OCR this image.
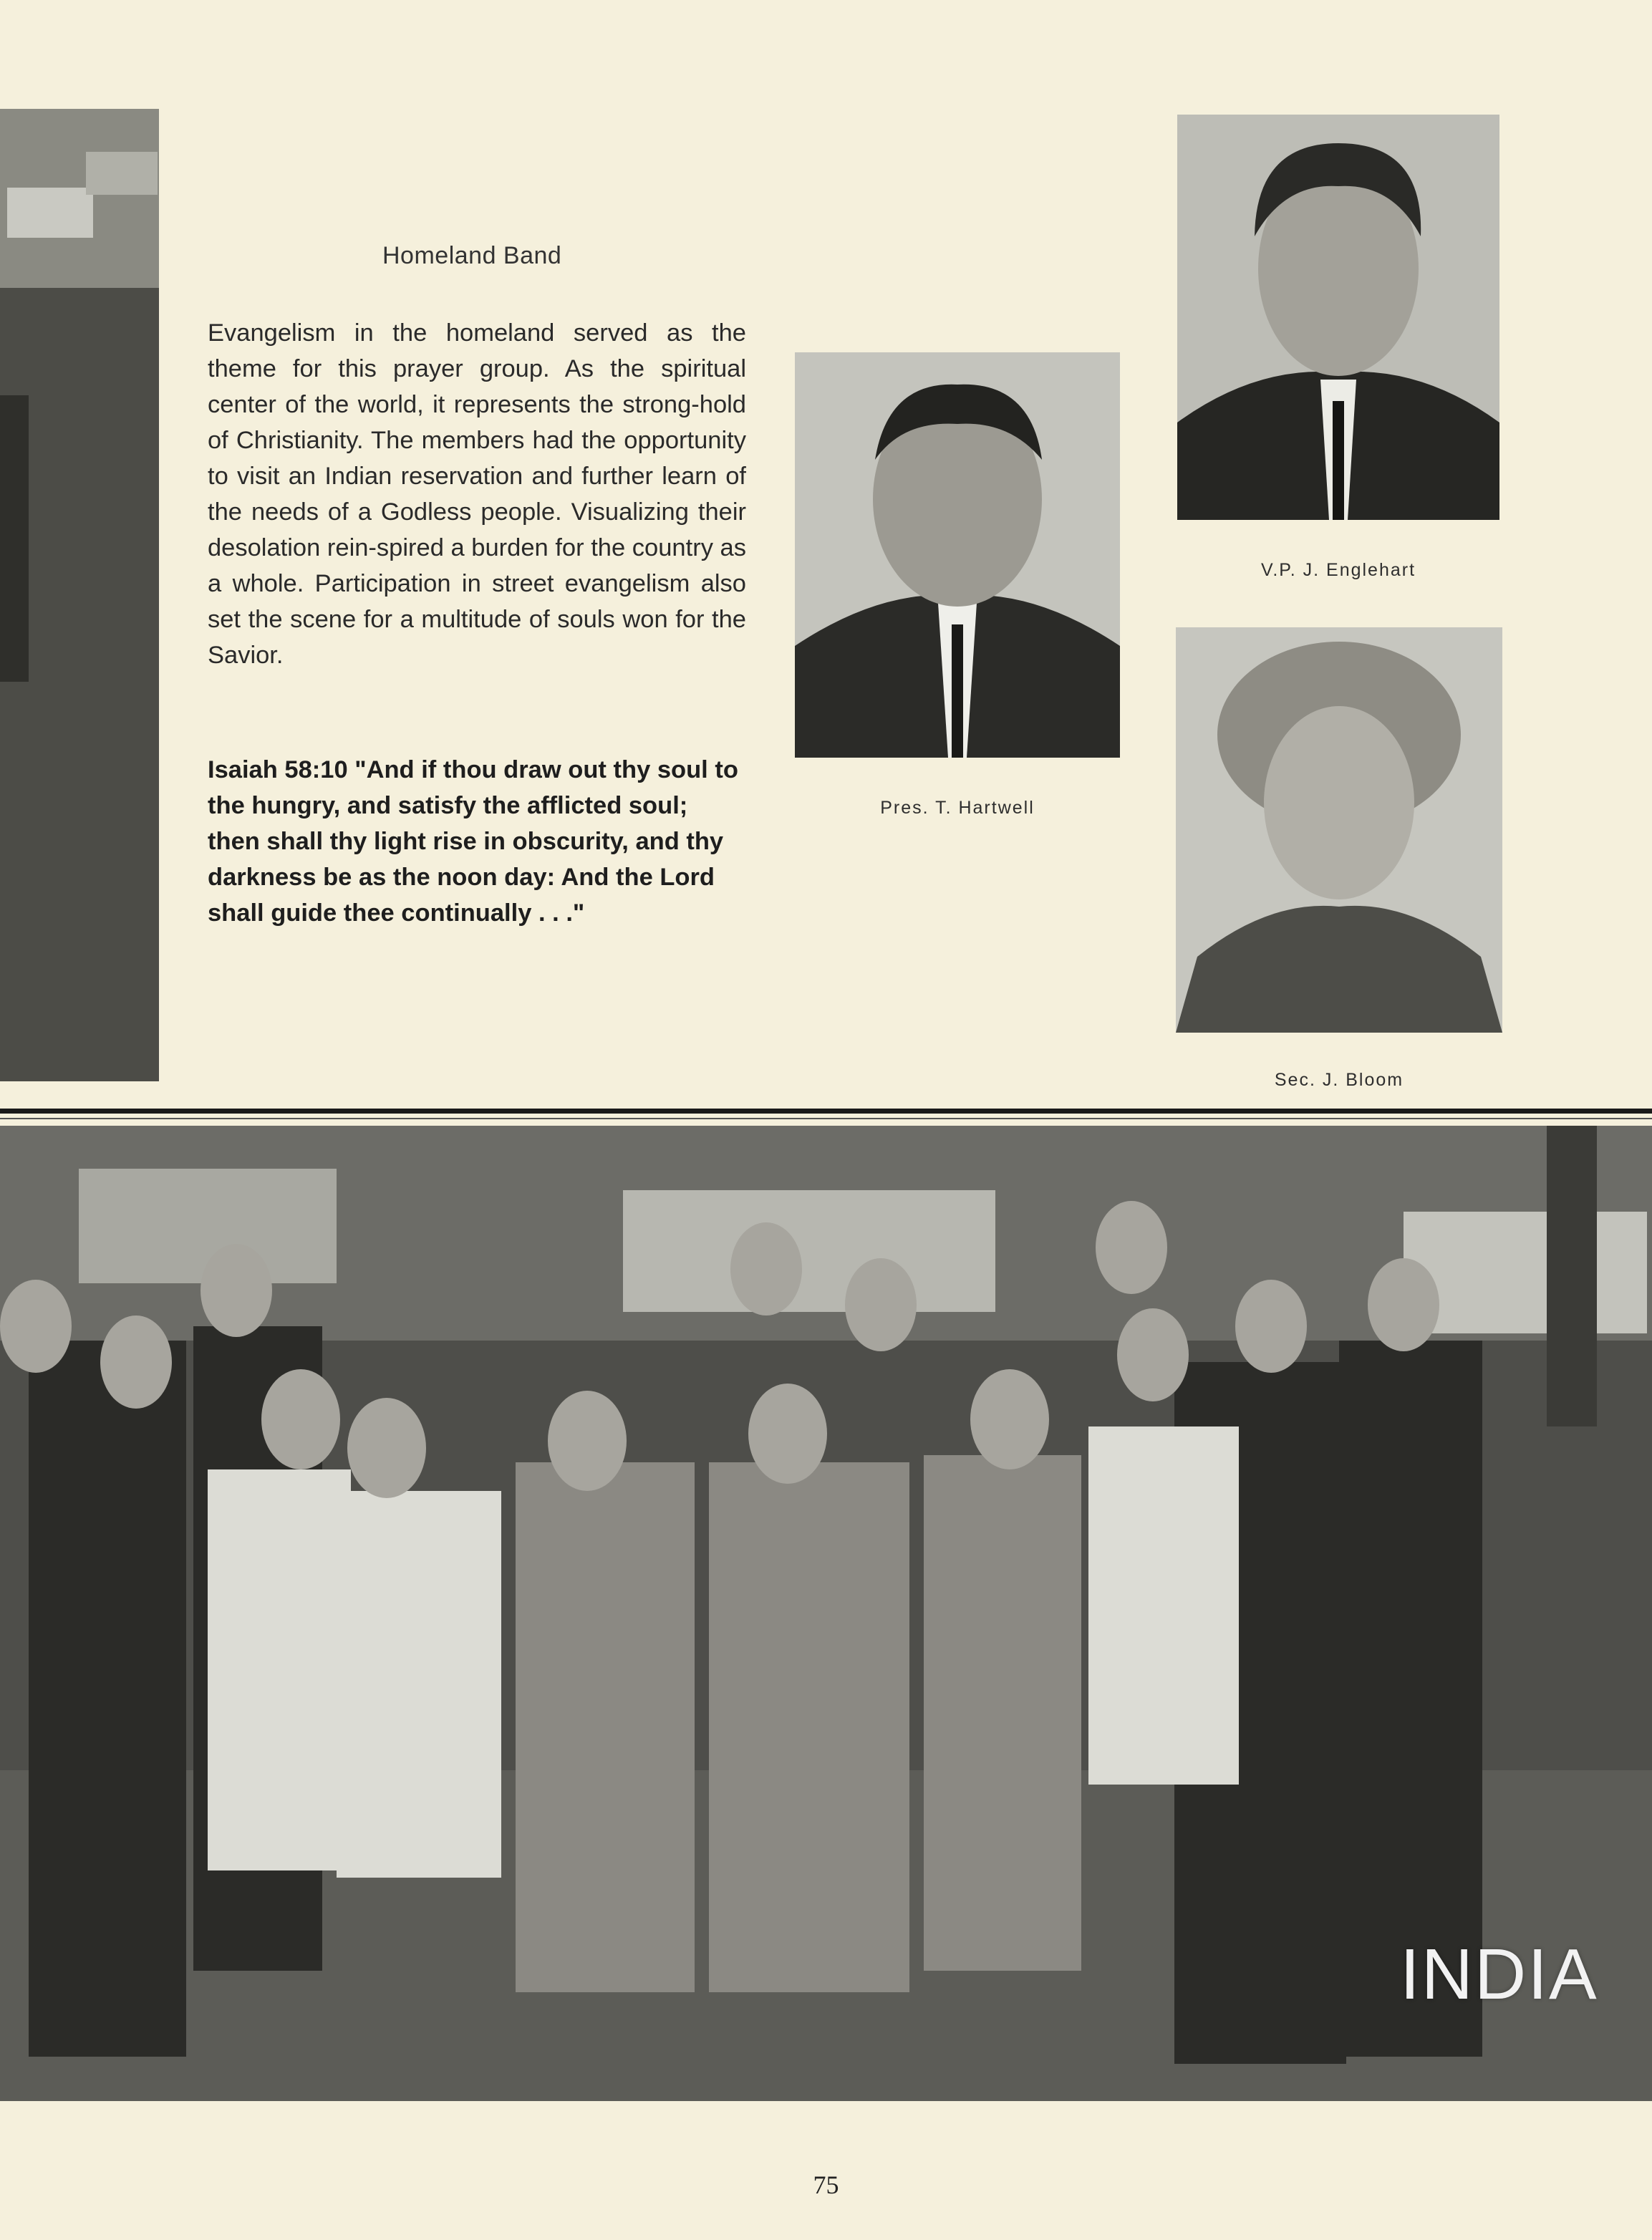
Homeland Band
Evangelism in the homeland served as the theme for this prayer group. As the spiritual center of the world, it represents the strong-hold of Christianity. The members had the opportunity to visit an Indian reservation and further learn of the needs of a Godless people. Visualizing their desolation rein-spired a burden for the country as a whole. Participation in street evangelism also set the scene for a multitude of souls won for the Savior.
Isaiah 58:10 "And if thou draw out thy soul to the hungry, and satisfy the afflicted soul; then shall thy light rise in obscurity, and thy darkness be as the noon day: And the Lord shall guide thee continually . . ."
Pres. T. Hartwell
V.P. J. Englehart
Sec. J. Bloom
INDIA
75
